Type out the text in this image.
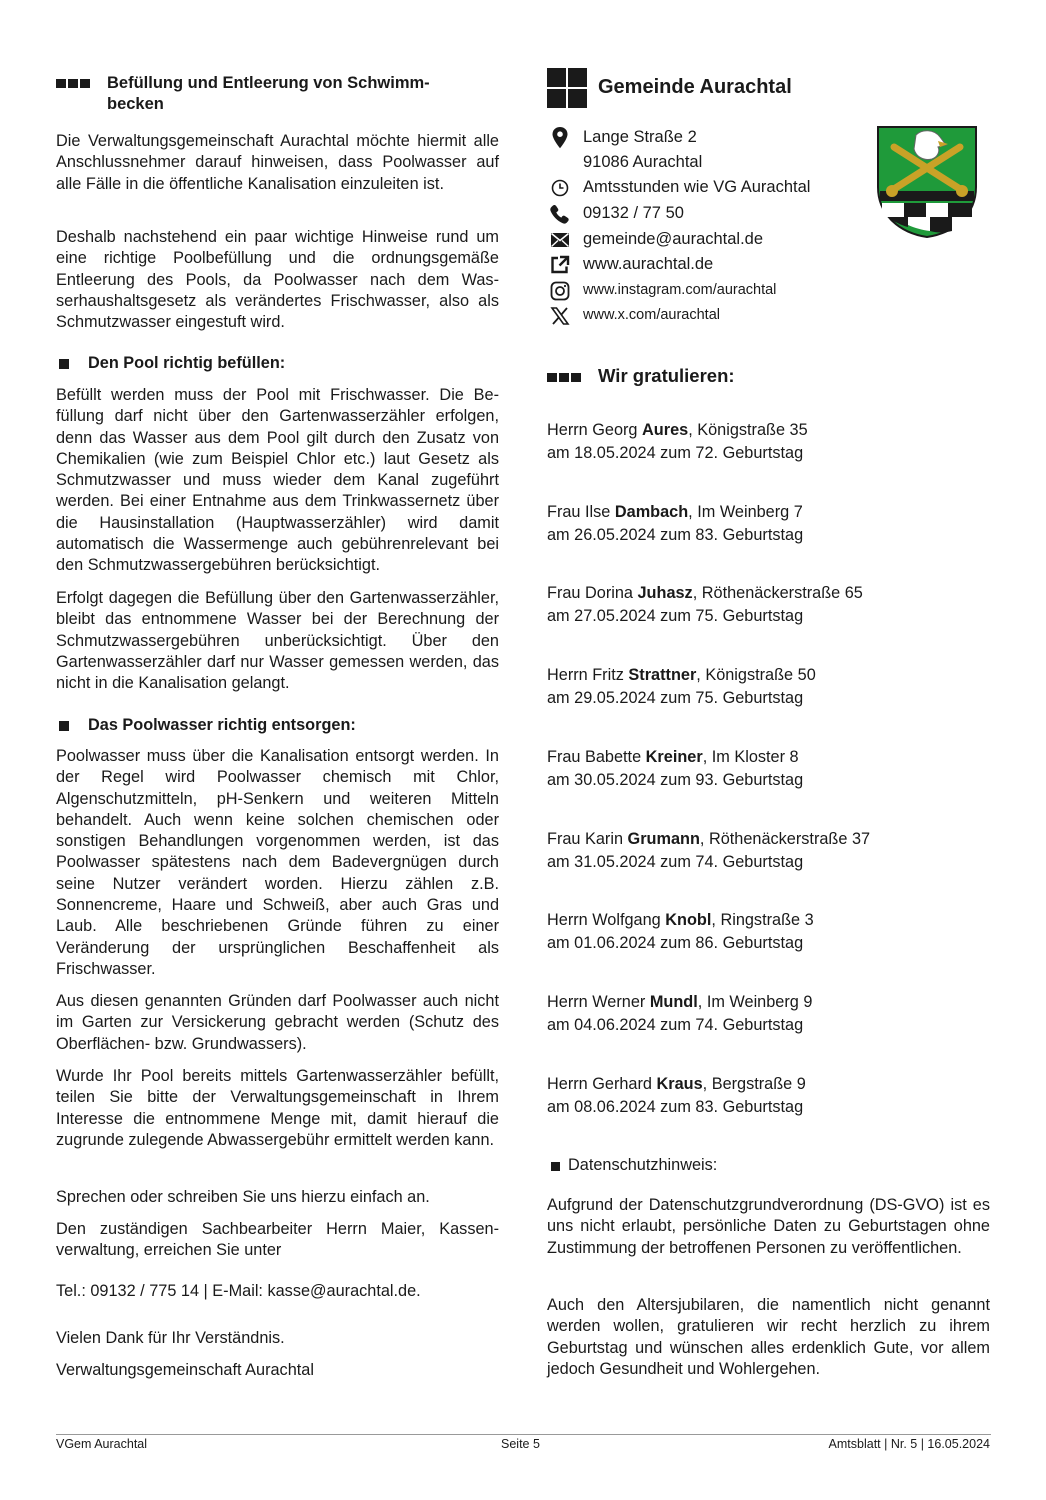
Befüllung und Entleerung von Schwimm-
becken

Die Verwaltungsgemeinschaft Aurachtal möchte hiermit alle Anschlussnehmer darauf hinweisen, dass Poolwasser auf alle Fälle in die öffentliche Kanalisation einzuleiten ist.

Deshalb nachstehend ein paar wichtige Hinweise rund um eine richtige Poolbefüllung und die ordnungsgemäße Entleerung des Pools, da Poolwasser nach dem Wasserhaushaltsgesetz als verändertes Frischwasser, also als Schmutzwasser eingestuft wird.

Den Pool richtig befüllen:

Befüllt werden muss der Pool mit Frischwasser. Die Befüllung darf nicht über den Gartenwasserzähler erfolgen, denn das Wasser aus dem Pool gilt durch den Zusatz von Chemikalien (wie zum Beispiel Chlor etc.) laut Gesetz als Schmutzwasser und muss wieder dem Kanal zugeführt werden. Bei einer Entnahme aus dem Trinkwassernetz über die Hausinstallation (Hauptwasserzähler) wird damit automatisch die Wassermenge auch gebührenrelevant bei den Schmutzwassergebühren berücksichtigt.

Erfolgt dagegen die Befüllung über den Gartenwasserzähler, bleibt das entnommene Wasser bei der Berechnung der Schmutzwassergebühren unberücksichtigt. Über den Gartenwasserzähler darf nur Wasser gemessen werden, das nicht in die Kanalisation gelangt.

Das Poolwasser richtig entsorgen:

Poolwasser muss über die Kanalisation entsorgt werden. In der Regel wird Poolwasser chemisch mit Chlor, Algenschutzmitteln, pH-Senkern und weiteren Mitteln behandelt. Auch wenn keine solchen chemischen oder sonstigen Behandlungen vorgenommen werden, ist das Poolwasser spätestens nach dem Badevergnügen durch seine Nutzer verändert worden. Hierzu zählen z.B. Sonnencreme, Haare und Schweiß, aber auch Gras und Laub. Alle beschriebenen Gründe führen zu einer Veränderung der ursprünglichen Beschaffenheit als Frischwasser.

Aus diesen genannten Gründen darf Poolwasser auch nicht im Garten zur Versickerung gebracht werden (Schutz des Oberflächen- bzw. Grundwassers).

Wurde Ihr Pool bereits mittels Gartenwasserzähler befüllt, teilen Sie bitte der Verwaltungsgemeinschaft in Ihrem Interesse die entnommene Menge mit, damit hierauf die zugrunde zulegende Abwassergebühr ermittelt werden kann.

Sprechen oder schreiben Sie uns hierzu einfach an.

Den zuständigen Sachbearbeiter Herrn Maier, Kassenverwaltung, erreichen Sie unter

Tel.: 09132 / 775 14 | E-Mail: kasse@aurachtal.de.

Vielen Dank für Ihr Verständnis.

Verwaltungsgemeinschaft Aurachtal

Gemeinde Aurachtal
Lange Straße 2
91086 Aurachtal
Amtsstunden wie VG Aurachtal
09132 / 77 50
gemeinde@aurachtal.de
www.aurachtal.de
www.instagram.com/aurachtal
www.x.com/aurachtal
Wir gratulieren:
Herrn Georg Aures, Königstraße 35
am 18.05.2024 zum 72. Geburtstag
Frau Ilse Dambach, Im Weinberg 7
am 26.05.2024 zum 83. Geburtstag
Frau Dorina Juhasz, Röthenäckerstraße 65
am 27.05.2024 zum 75. Geburtstag
Herrn Fritz Strattner, Königstraße 50
am 29.05.2024 zum 75. Geburtstag
Frau Babette Kreiner, Im Kloster 8
am 30.05.2024 zum 93. Geburtstag
Frau Karin Grumann, Röthenäckerstraße 37
am 31.05.2024 zum 74. Geburtstag
Herrn Wolfgang Knobl, Ringstraße 3
am 01.06.2024 zum 86. Geburtstag
Herrn Werner Mundl, Im Weinberg 9
am 04.06.2024 zum 74. Geburtstag
Herrn Gerhard Kraus, Bergstraße 9
am 08.06.2024 zum 83. Geburtstag
Datenschutzhinweis:

Aufgrund der Datenschutzgrundverordnung (DS-GVO) ist es uns nicht erlaubt, persönliche Daten zu Geburtstagen ohne Zustimmung der betroffenen Personen zu veröffentlichen.

Auch den Altersjubilaren, die namentlich nicht genannt werden wollen, gratulieren wir recht herzlich zu ihrem Geburtstag und wünschen alles erdenklich Gute, vor allem jedoch Gesundheit und Wohlergehen.

VGem Aurachtal	Seite 5	Amtsblatt | Nr. 5 | 16.05.2024
